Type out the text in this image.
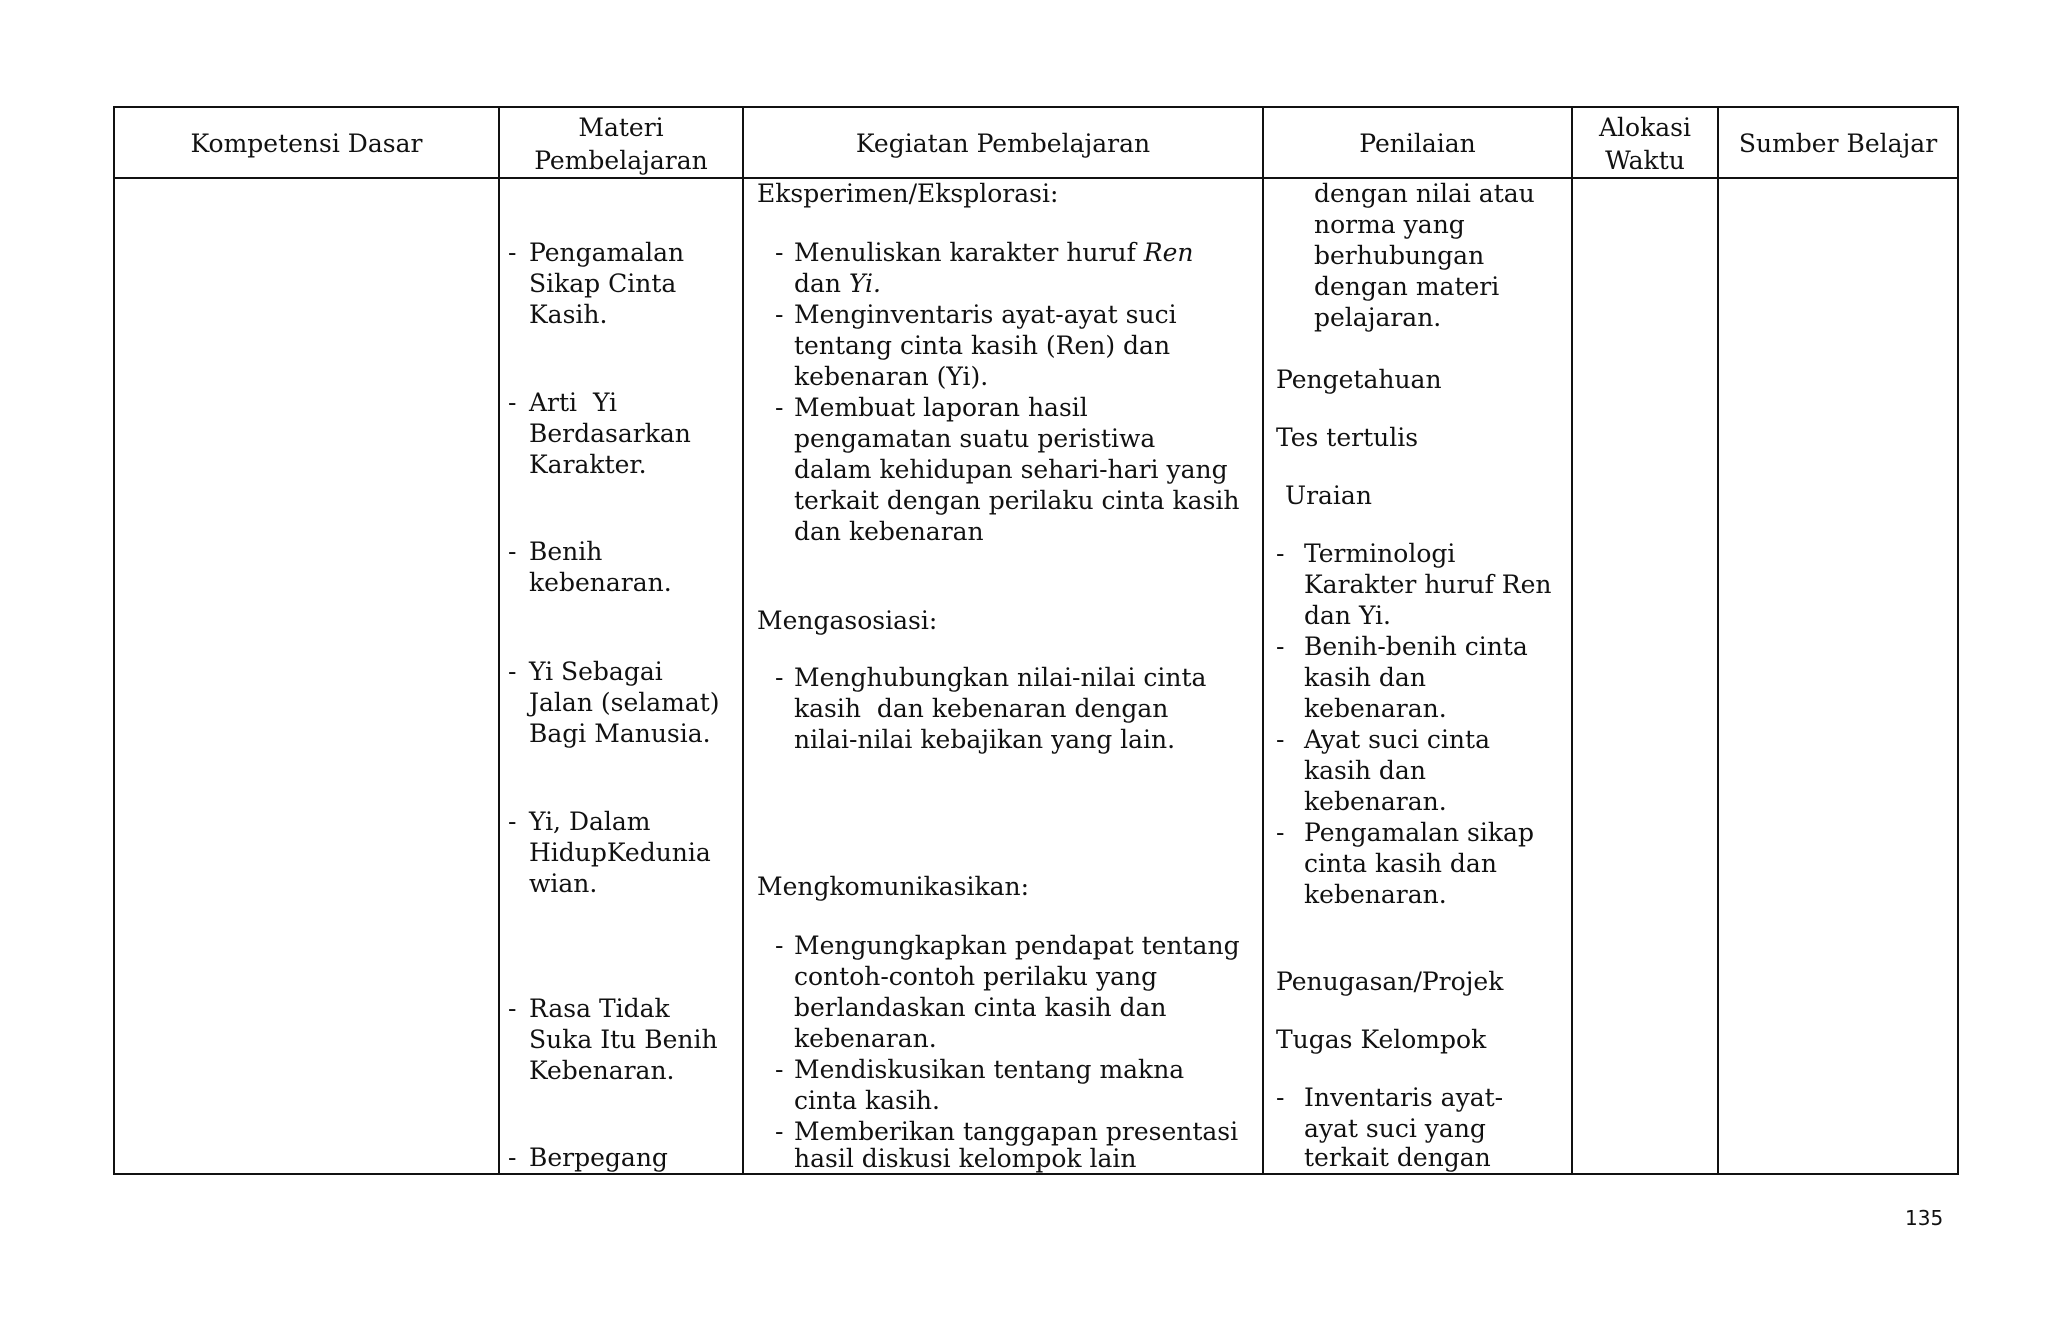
Kompetensi Dasar
Materi
Pembelajaran
Kegiatan Pembelajaran	Penilaian
Alokasi
Waktu
Sumber Belajar
- Pengamalan
Sikap Cinta
Kasih.
- Arti  Yi
Berdasarkan
Karakter.
- Benih
kebenaran.
- Yi Sebagai
Jalan (selamat)
Bagi Manusia.
- Yi, Dalam
HidupKedunia
wian.
- Rasa Tidak
Suka Itu Benih
Kebenaran.
- Berpegang
Eksperimen/Eksplorasi:
- Menuliskan karakter huruf Ren
dan Yi.
- Menginventaris ayat-ayat suci
tentang cinta kasih (Ren) dan
kebenaran (Yi).
- Membuat laporan hasil
pengamatan suatu peristiwa
dalam kehidupan sehari-hari yang
terkait dengan perilaku cinta kasih
dan kebenaran
Mengasosiasi:
- Menghubungkan nilai-nilai cinta
kasih  dan kebenaran dengan
nilai-nilai kebajikan yang lain.
Mengkomunikasikan:
- Mengungkapkan pendapat tentang
contoh-contoh perilaku yang
berlandaskan cinta kasih dan
kebenaran.
- Mendiskusikan tentang makna
cinta kasih.
- Memberikan tanggapan presentasi
hasil diskusi kelompok lain
dengan nilai atau
norma yang
berhubungan
dengan materi
pelajaran.
Pengetahuan
Tes tertulis
Uraian
- Terminologi
Karakter huruf Ren
dan Yi.
- Benih-benih cinta
kasih dan
kebenaran.
- Ayat suci cinta
kasih dan
kebenaran.
- Pengamalan sikap
cinta kasih dan
kebenaran.
Penugasan/Projek
Tugas Kelompok
- Inventaris ayat-
ayat suci yang
terkait dengan
135
